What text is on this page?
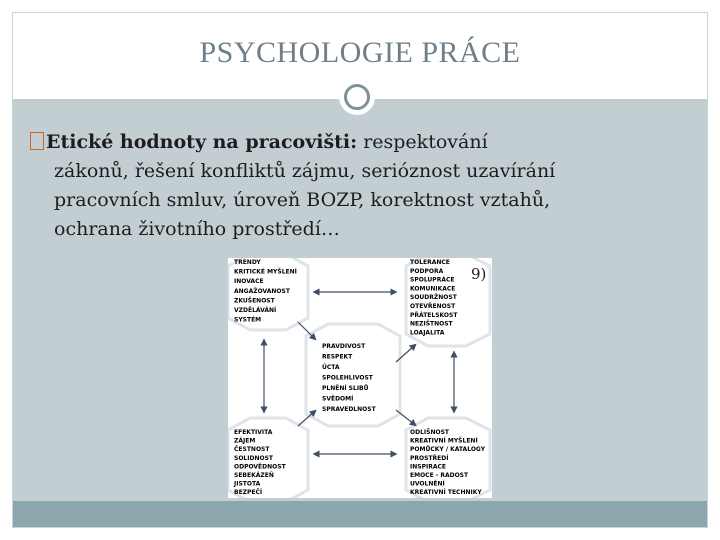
PSYCHOLOGIE PRÁCE
Etické hodnoty na pracovišti: respektování
zákonů, řešení konfliktů zájmu, serióznost uzavírání
pracovních smluv, úroveň BOZP, korektnost vztahů,
ochrana životního prostředí…
TRENDY
KRITICKÉ MYŠLENÍ
INOVACE
ANGAŽOVANOST
ZKUŠENOST
VZDĚLÁVÁNÍ
SYSTÉM
TOLERANCE
PODPORA
SPOLUPRÁCE
KOMUNIKACE
SOUDRŽNOST
OTEVŘENOST
PŘÁTELSKOST
NEZIŠTNOST
LOAJALITA
PRAVDIVOST
RESPEKT
ÚCTA
SPOLEHLIVOST
PLNĚNÍ SLIBŮ
SVĚDOMÍ
SPRAVEDLNOST
EFEKTIVITA
ZÁJEM
ČESTNOST
SOLIDNOST
ODPOVĚDNOST
SEBEKÁZEŇ
JISTOTA
BEZPEČÍ
ODLIŠNOST
KREATIVNÍ MYŠLENÍ
POMŮCKY / KATALOGY
PROSTŘEDÍ
INSPIRACE
EMOCE - RADOST
UVOLNĚNÍ
KREATIVNÍ TECHNIKY
9)
